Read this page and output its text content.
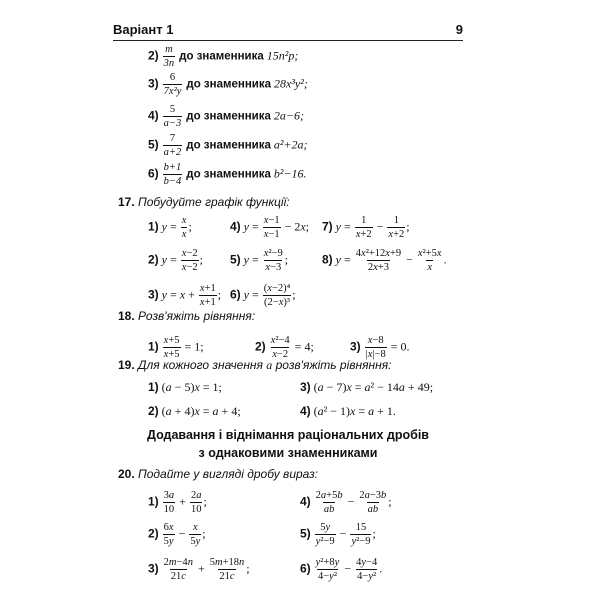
Варіант 1	9
$2) \frac{m}{3n}$ до знаменника 15n²p;
$3) \frac{6}{\text{7x²y}}$ до знаменника 28x³y²;
$4) \frac{5}{a-3}$ до знаменника 2a−6;
$5) \frac{7}{a+2}$ до знаменника a²+2a;
$6) \frac{b+1}{b-4}$ до знаменника b²−16.
17. Побудуйте графік функції:
1) $y = \frac{x}{x}$ ;	4) $y = \frac{x-1}{x-1} - 2x$; 7) $y = \frac{1}{x+2} - \frac{1}{x+2}$ ;
2) $y = \frac{x-2}{x-2}$ ; 5) $y = \frac{\text{x²−9}}{x-3}$ ;	8) $y = \frac{\text{4x²+12x+9}}{2x+3} - \frac{\text{x²+5x}}{x}$ .
3) $y = x + \frac{x+1}{x+1}$ ; 6) $y = \frac{\text{(x−2)⁴}}{\text{(2−x)³}}$ ;
18. Розв'яжіть рівняння:
$1) \frac{x+5}{x+5} = 1$;	$2) \frac{\text{x²−4}}{x-2} = 4$;	$3) \frac{x-8}{|x|-8} = 0$.
19. Для кожного значення a розв'яжіть рівняння:
1) (a − 5)x = 1;	3) (a − 7)x = a² − 14a + 49;
2) (a + 4)x = a + 4;	4) (a² − 1)x = a + 1.
Додавання і віднімання раціональних дробів
з однаковими знаменниками
20. Подайте у вигляді дробу вираз:
$1) \frac{3a}{10} + \frac{2a}{10}$ ;	$4) \frac{2a+5b}{ab} - \frac{2a-3b}{ab}$ ;
$2) \frac{6x}{5y} - \frac{x}{5y}$ ;	$5) \frac{5y}{\text{y²−9}} - \frac{15}{\text{y²−9}}$ ;
$3) \frac{2m-4n}{21c} + \frac{5m+18n}{21c}$ ;	$6) \frac{\text{y²+8y}}{\text{4−y²}} - \frac{4y-4}{\text{4−y²}}$ .
